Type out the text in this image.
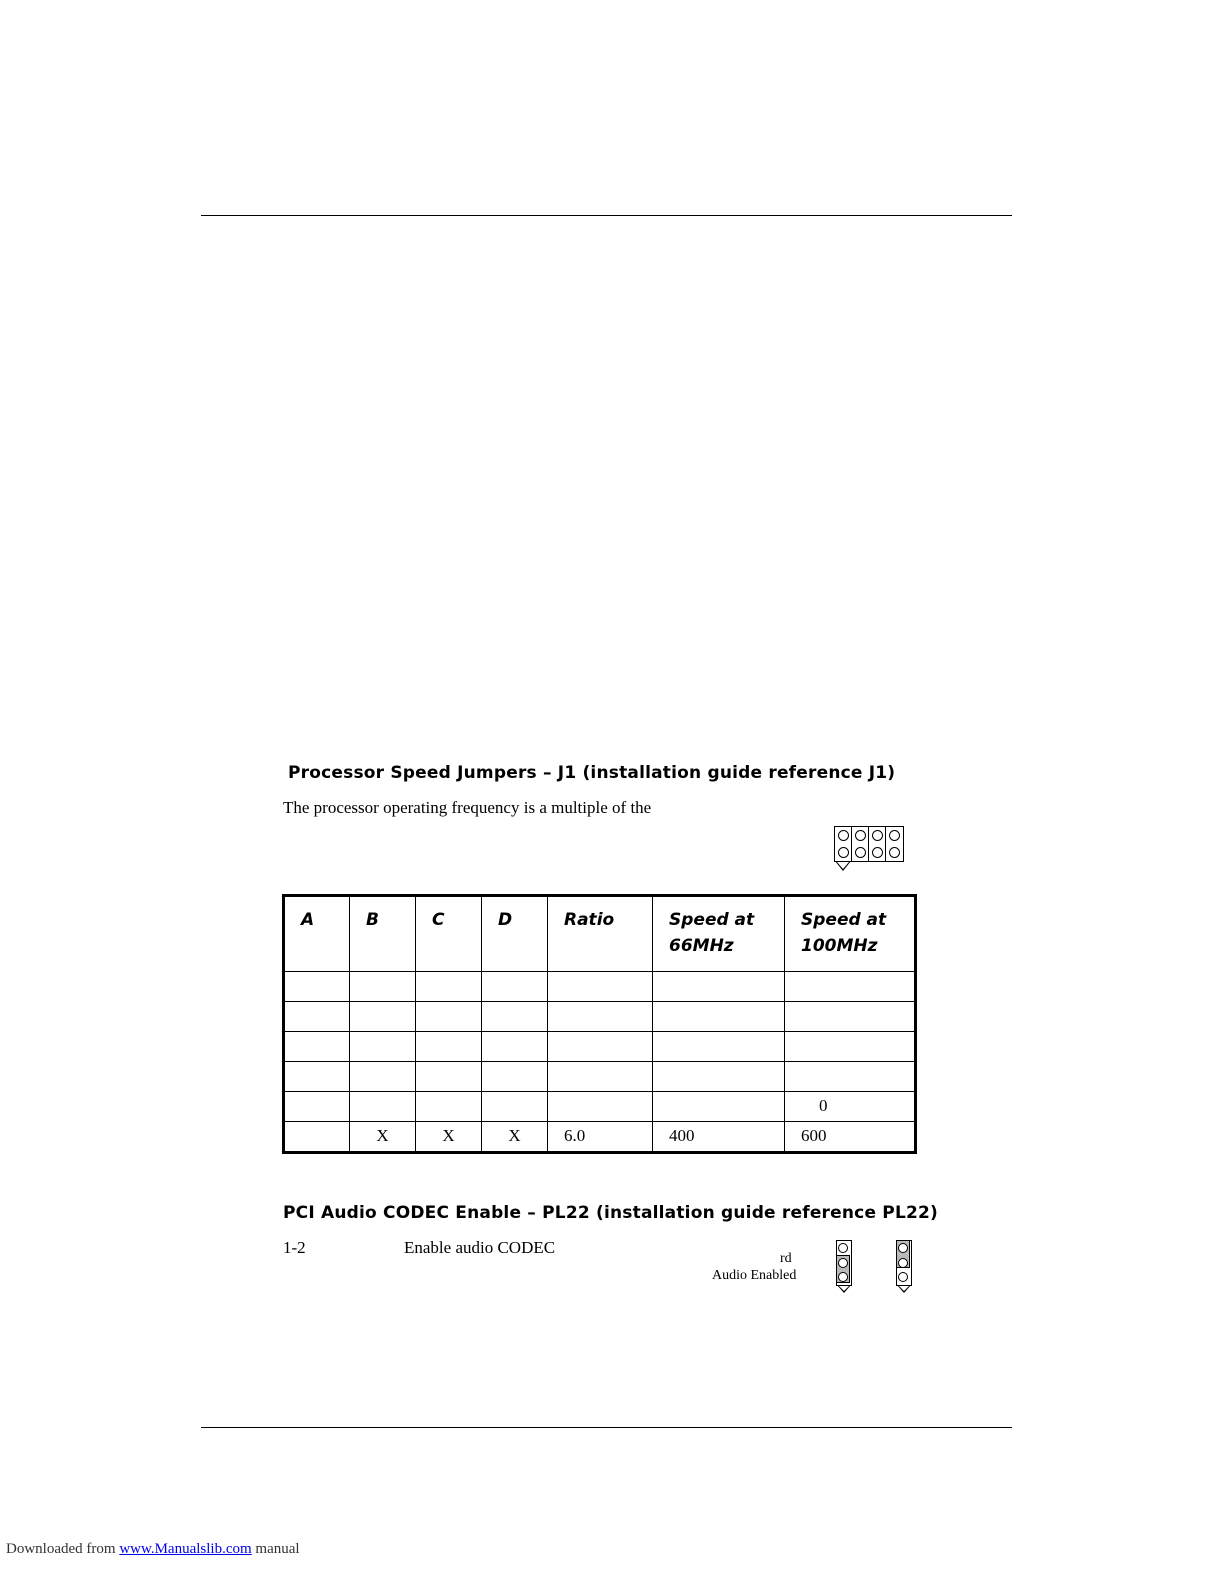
Processor Speed Jumpers – J1 (installation guide reference J1)
The processor operating frequency is a multiple of the
A	B	C	D	Ratio	Speed at 66MHz	Speed at 100MHz

						0
	X	X	X	6.0	400	600
PCI Audio CODEC Enable – PL22 (installation guide reference PL22)
1-2	Enable audio CODEC
rd
Audio Enabled
Downloaded from www.Manualslib.com manual
